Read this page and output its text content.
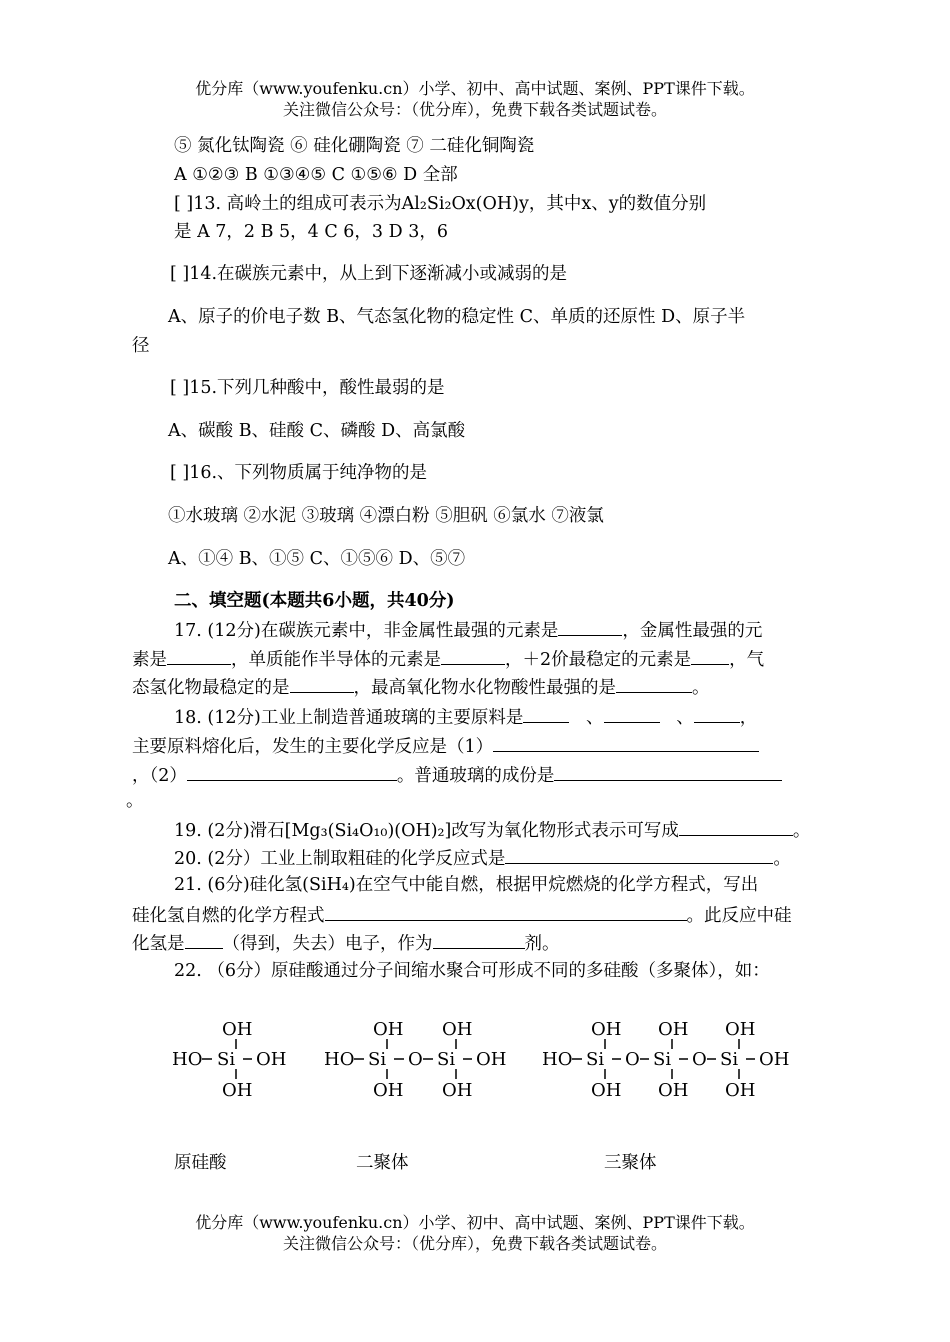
优分库（www.youfenku.cn）小学、初中、高中试题、案例、PPT课件下载。
关注微信公众号：（优分库），免费下载各类试题试卷。
⑤ 氮化钛陶瓷 ⑥ 硅化硼陶瓷 ⑦ 二硅化铜陶瓷
A ①②③ B ①③④⑤ C ①⑤⑥ D 全部
[ ]13. 高岭土的组成可表示为Al₂Si₂Ox(OH)y，其中x、y的数值分别
是 A 7，2 B 5，4 C 6，3 D 3，6
[ ]14.在碳族元素中，从上到下逐渐减小或减弱的是
A、原子的价电子数 B、气态氢化物的稳定性 C、单质的还原性 D、原子半
径
[ ]15.下列几种酸中，酸性最弱的是
A、碳酸 B、硅酸 C、磷酸 D、高氯酸
[ ]16.、下列物质属于纯净物的是
①水玻璃 ②水泥 ③玻璃 ④漂白粉 ⑤胆矾 ⑥氯水 ⑦液氯
A、①④ B、①⑤ C、①⑤⑥ D、⑤⑦
二、填空题(本题共6小题，共40分)
17. (12分)在碳族元素中，非金属性最强的元素是	，金属性最强的元
素是	，单质能作半导体的元素是	，＋2价最稳定的元素是 ，气
态氢化物最稳定的是	，最高氧化物水化物酸性最强的是	。
18. (12分)工业上制造普通玻璃的主要原料是	、	、	，
主要原料熔化后，发生的主要化学反应是（1）
，（2）	。普通玻璃的成份是
。
19. (2分)滑石[Mg₃(Si₄O₁₀)(OH)₂]改写为氧化物形式表示可写成	。
20. (2分）工业上制取粗硅的化学反应式是	。
21. (6分)硅化氢(SiH₄)在空气中能自燃，根据甲烷燃烧的化学方程式，写出
硅化氢自燃的化学方程式	。此反应中硅
化氢是 （得到，失去）电子，作为	剂。
22. （6分）原硅酸通过分子间缩水聚合可形成不同的多硅酸（多聚体），如：
OH
HO Si OH
OH
OH
HO Si O Si OH
OH
OH OH
OH
HO Si O Si O Si OH
OH OH
OH OH OH
原硅酸	二聚体	三聚体
优分库（www.youfenku.cn）小学、初中、高中试题、案例、PPT课件下载。
关注微信公众号：（优分库），免费下载各类试题试卷。
